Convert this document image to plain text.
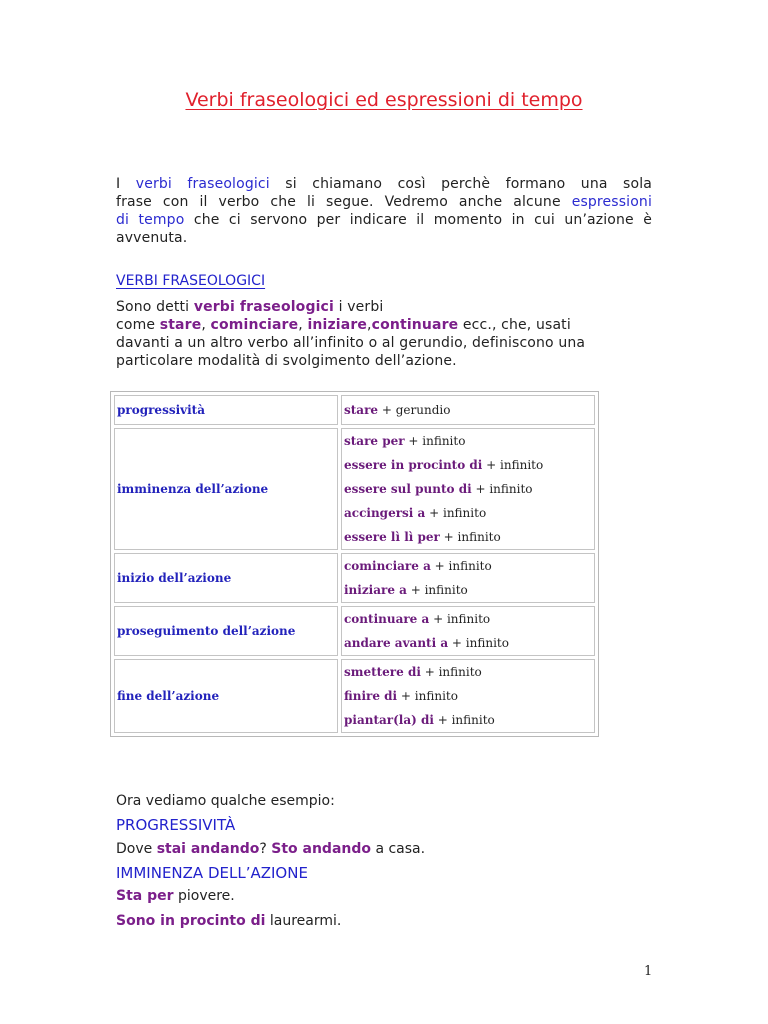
Verbi fraseologici ed espressioni di tempo
I verbi fraseologici si chiamano così perchè formano una sola
frase con il verbo che li segue. Vedremo anche alcune espressioni
di tempo che ci servono per indicare il momento in cui un’azione è
avvenuta.
VERBI FRASEOLOGICI
Sono detti verbi fraseologici i verbi
come stare, cominciare, iniziare,continuare ecc., che, usati
davanti a un altro verbo all’infinito o al gerundio, definiscono una
particolare modalità di svolgimento dell’azione.
progressività	stare + gerundio

imminenza dell’azione	stare per + infinito
essere in procinto di + infinito
essere sul punto di + infinito
accingersi a + infinito
essere lì lì per + infinito

inizio dell’azione	cominciare a + infinito
iniziare a + infinito

proseguimento dell’azione	continuare a + infinito
andare avanti a + infinito

fine dell’azione	smettere di + infinito
finire di + infinito
piantar(la) di + infinito
Ora vediamo qualche esempio:
PROGRESSIVITÀ
Dove stai andando? Sto andando a casa.
IMMINENZA DELL’AZIONE
Sta per piovere.
Sono in procinto di laurearmi.
1
